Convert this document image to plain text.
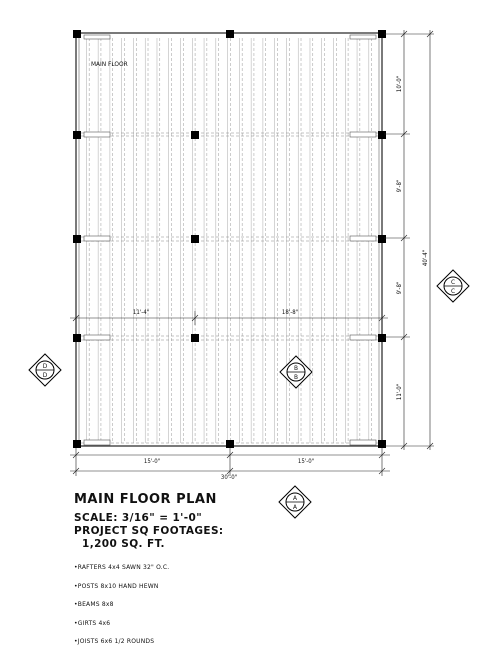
MAIN FLOOR
10'-0"
9'-8"
9'-8"
11'-0"
40'-4"
15'-0"	15'-0"
30'-0"
11'-4"	18'-8"
C
C
D
D
B
B
A
A

MAIN FLOOR PLAN

SCALE: 3/16" = 1'-0"

PROJECT SQ FOOTAGES:

1,200 SQ. FT.

• RAFTERS 4x4 SAWN 32" O.C.
• POSTS 8x10 HAND HEWN
• BEAMS 8x8
• GIRTS 4x6
• JOISTS 6x6 1/2 ROUNDS
